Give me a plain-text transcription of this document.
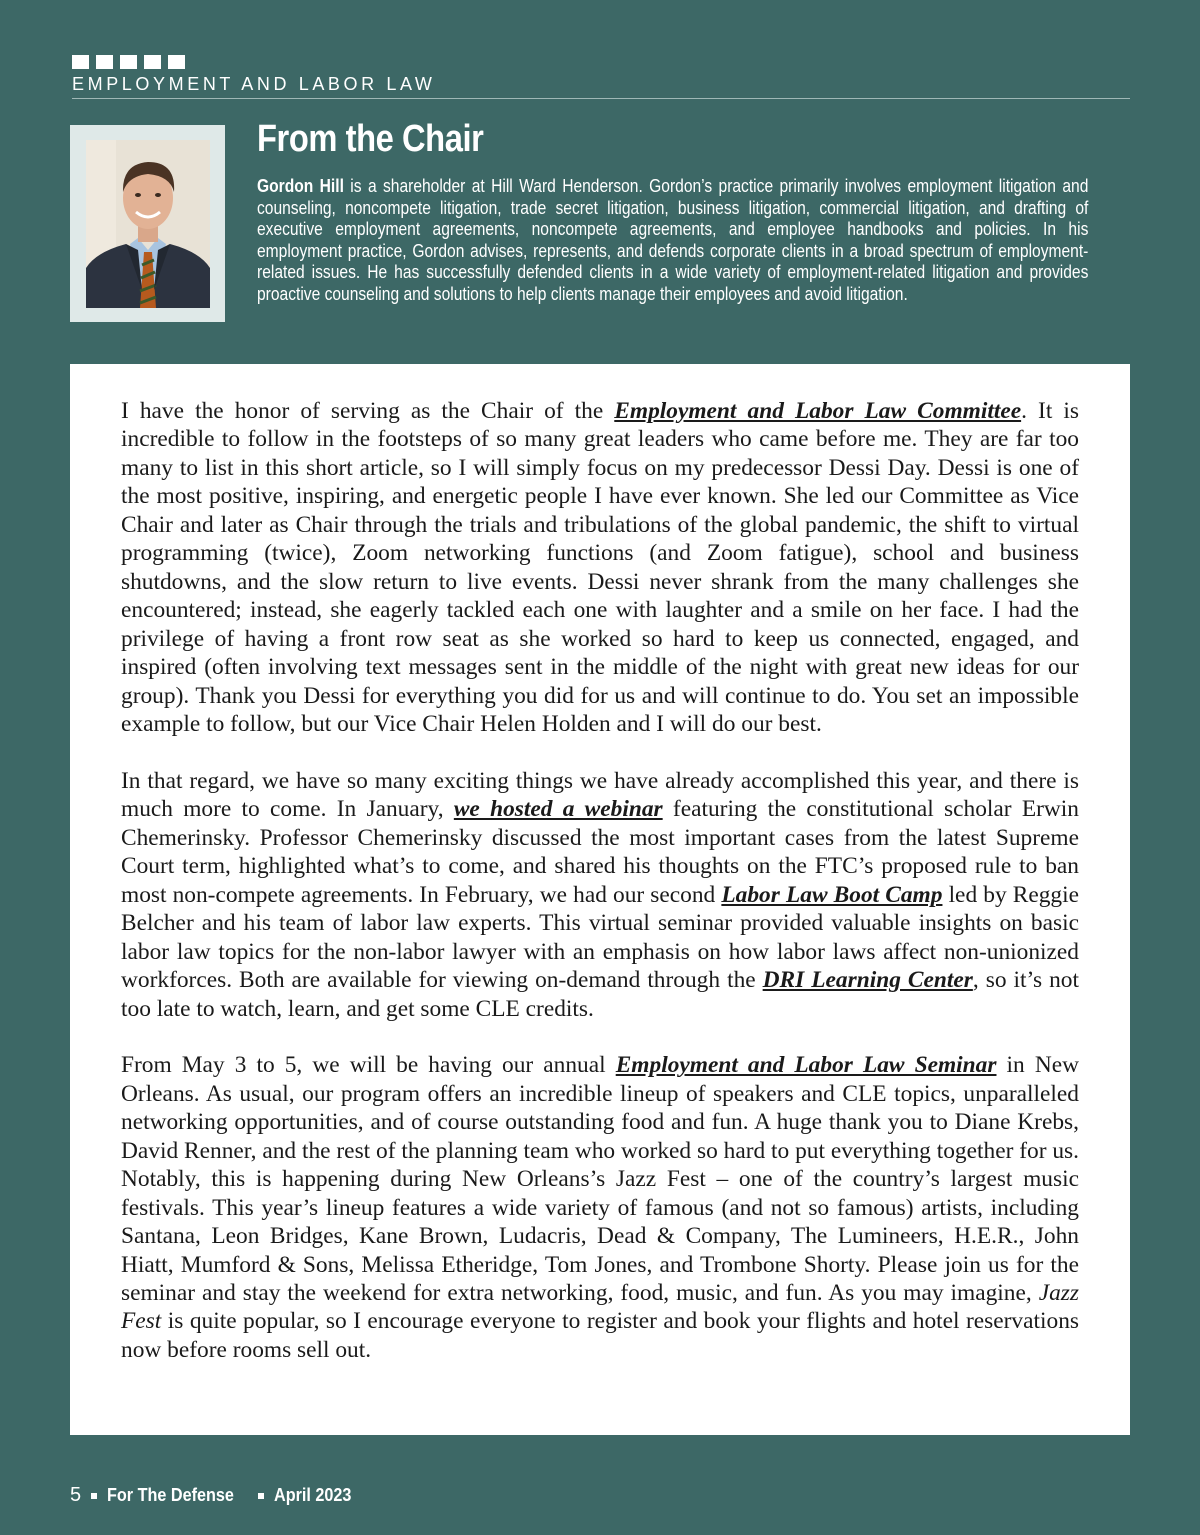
EMPLOYMENT AND LABOR LAW
From the Chair
Gordon Hill is a shareholder at Hill Ward Henderson. Gordon’s practice primarily involves employment litigation and counseling, noncompete litigation, trade secret litigation, business litigation, commercial litigation, and drafting of executive employment agreements, noncompete agreements, and employee handbooks and policies. In his employment practice, Gordon advises, represents, and defends corporate clients in a broad spectrum of employment-related issues. He has successfully defended clients in a wide variety of employment-related litigation and provides proactive counseling and solutions to help clients manage their employees and avoid litigation.

I have the honor of serving as the Chair of the Employment and Labor Law Committee. It is incredible to follow in the footsteps of so many great leaders who came before me. They are far too many to list in this short article, so I will simply focus on my predecessor Dessi Day. Dessi is one of the most positive, inspiring, and energetic people I have ever known. She led our Committee as Vice Chair and later as Chair through the trials and tribulations of the global pandemic, the shift to virtual programming (twice), Zoom networking functions (and Zoom fatigue), school and business shutdowns, and the slow return to live events. Dessi never shrank from the many challenges she encountered; instead, she eagerly tackled each one with laughter and a smile on her face. I had the privilege of having a front row seat as she worked so hard to keep us connected, engaged, and inspired (often involving text messages sent in the middle of the night with great new ideas for our group). Thank you Dessi for everything you did for us and will continue to do. You set an impossible example to follow, but our Vice Chair Helen Holden and I will do our best.

In that regard, we have so many exciting things we have already accomplished this year, and there is much more to come. In January, we hosted a webinar featuring the constitutional scholar Erwin Chemerinsky. Professor Chemerinsky discussed the most important cases from the latest Supreme Court term, highlighted what’s to come, and shared his thoughts on the FTC’s proposed rule to ban most non-compete agreements. In February, we had our second Labor Law Boot Camp led by Reggie Belcher and his team of labor law experts. This virtual seminar provided valuable insights on basic labor law topics for the non-labor lawyer with an emphasis on how labor laws affect non-unionized workforces. Both are available for viewing on-demand through the DRI Learning Center, so it’s not too late to watch, learn, and get some CLE credits.

From May 3 to 5, we will be having our annual Employment and Labor Law Seminar in New Orleans. As usual, our program offers an incredible lineup of speakers and CLE topics, unparalleled networking opportunities, and of course outstanding food and fun. A huge thank you to Diane Krebs, David Renner, and the rest of the planning team who worked so hard to put everything together for us. Notably, this is happening during New Orleans’s Jazz Fest – one of the country’s largest music festivals. This year’s lineup features a wide variety of famous (and not so famous) artists, including Santana, Leon Bridges, Kane Brown, Ludacris, Dead & Company, The Lumineers, H.E.R., John Hiatt, Mumford & Sons, Melissa Etheridge, Tom Jones, and Trombone Shorty. Please join us for the seminar and stay the weekend for extra networking, food, music, and fun. As you may imagine, Jazz Fest is quite popular, so I encourage everyone to register and book your flights and hotel reservations now before rooms sell out.

5 For The Defense April 2023
